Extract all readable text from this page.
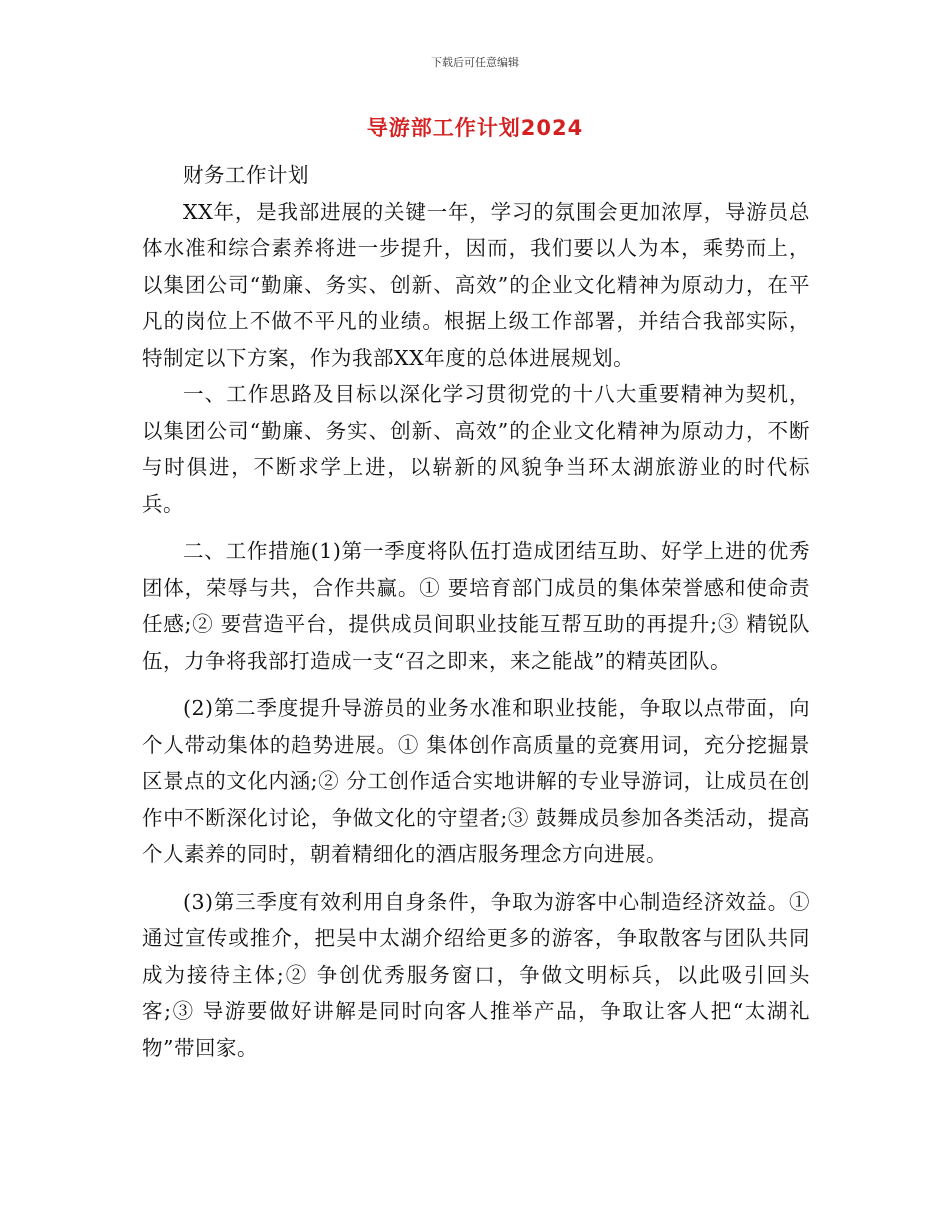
下载后可任意编辑
导游部工作计划2024

财务工作计划

XX年，是我部进展的关键一年，学习的氛围会更加浓厚，导游员总体水准和综合素养将进一步提升，因而，我们要以人为本，乘势而上，以集团公司“勤廉、务实、创新、高效”的企业文化精神为原动力，在平凡的岗位上不做不平凡的业绩。根据上级工作部署，并结合我部实际，特制定以下方案，作为我部XX年度的总体进展规划。

一、工作思路及目标以深化学习贯彻党的十八大重要精神为契机，以集团公司“勤廉、务实、创新、高效”的企业文化精神为原动力，不断与时俱进，不断求学上进，以崭新的风貌争当环太湖旅游业的时代标兵。

二、工作措施(1)第一季度将队伍打造成团结互助、好学上进的优秀团体，荣辱与共，合作共赢。① 要培育部门成员的集体荣誉感和使命责任感;② 要营造平台，提供成员间职业技能互帮互助的再提升;③ 精锐队伍，力争将我部打造成一支“召之即来，来之能战”的精英团队。

(2)第二季度提升导游员的业务水准和职业技能，争取以点带面，向个人带动集体的趋势进展。① 集体创作高质量的竞赛用词，充分挖掘景区景点的文化内涵;② 分工创作适合实地讲解的专业导游词，让成员在创作中不断深化讨论，争做文化的守望者;③ 鼓舞成员参加各类活动，提高个人素养的同时，朝着精细化的酒店服务理念方向进展。

(3)第三季度有效利用自身条件，争取为游客中心制造经济效益。① 通过宣传或推介，把吴中太湖介绍给更多的游客，争取散客与团队共同成为接待主体;② 争创优秀服务窗口，争做文明标兵，以此吸引回头客;③ 导游要做好讲解是同时向客人推举产品，争取让客人把“太湖礼物”带回家。
